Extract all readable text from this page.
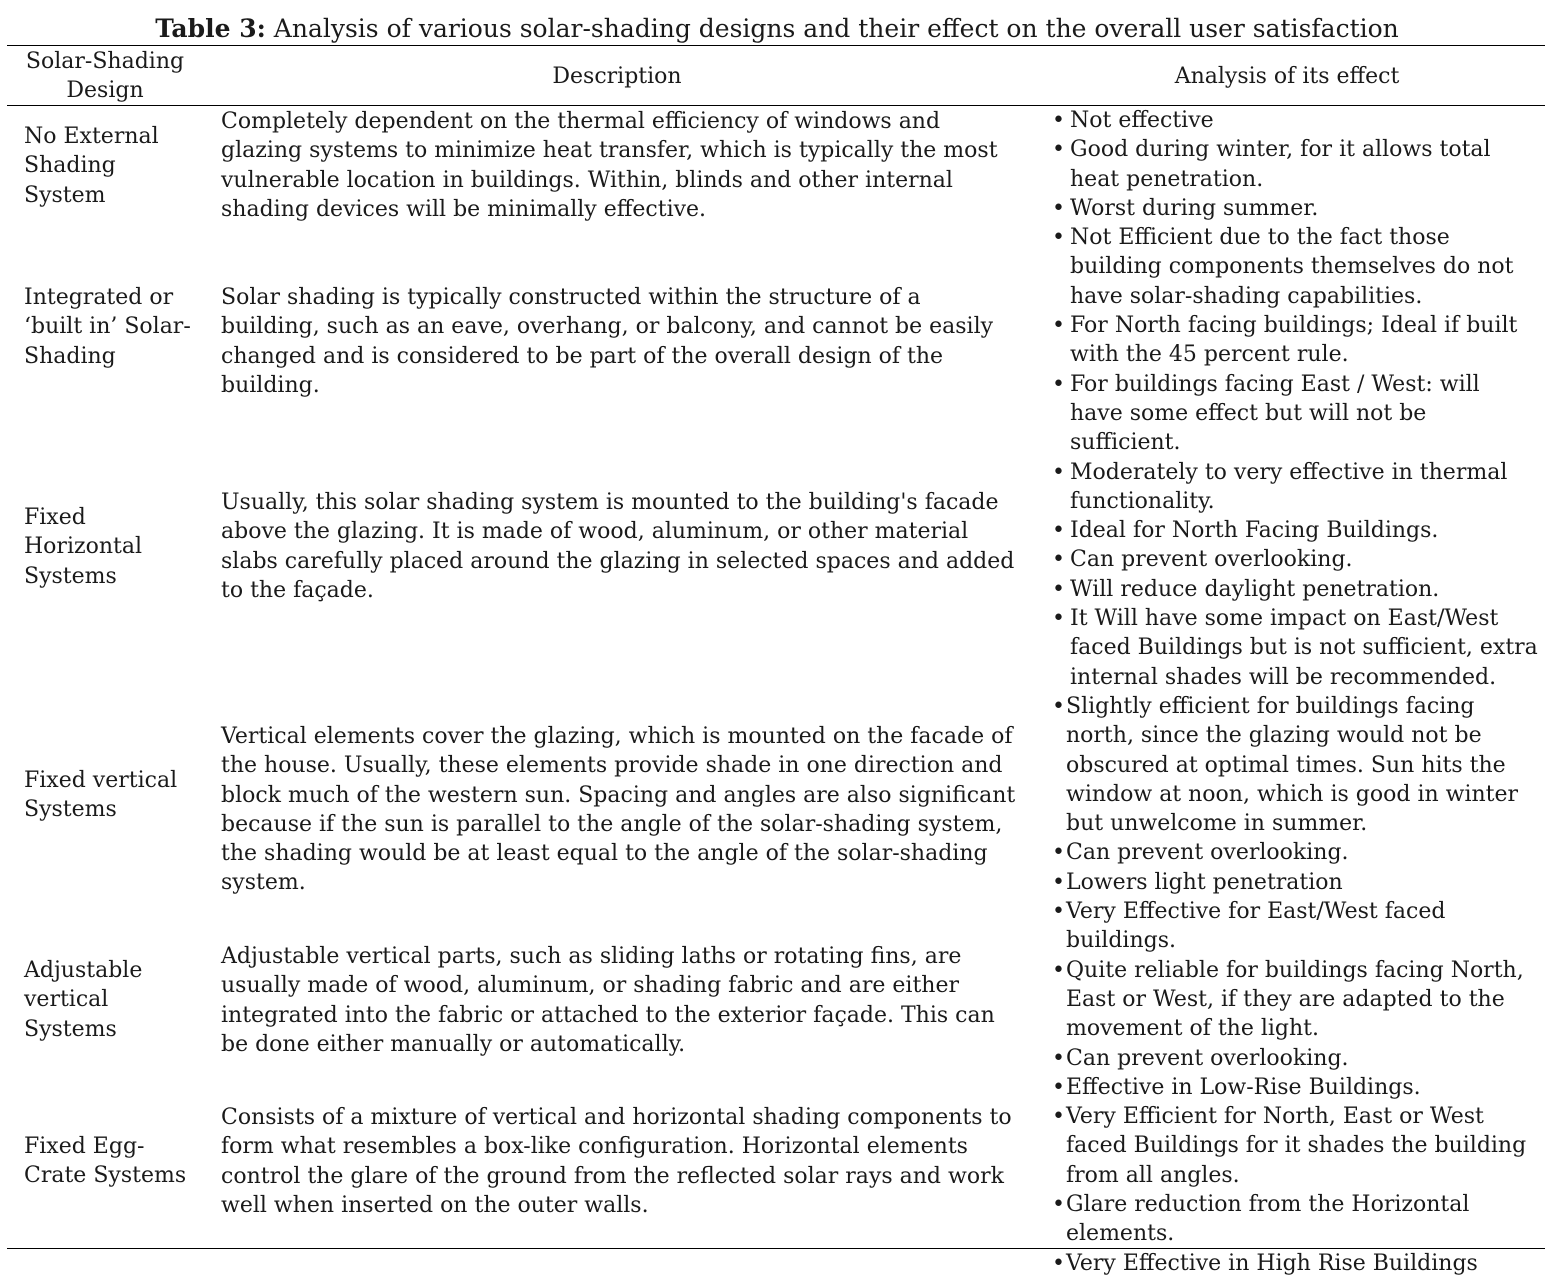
Table 3: Analysis of various solar-shading designs and their effect on the overall user satisfaction
Solar-Shading Design
Description	Analysis of its effect
No External Shading System
Completely dependent on the thermal efficiency of windows and glazing systems to minimize heat transfer, which is typically the most vulnerable location in buildings. Within, blinds and other internal shading devices will be minimally effective.
Integrated or ‘built in’ Solar-Shading
Solar shading is typically constructed within the structure of a building, such as an eave, overhang, or balcony, and cannot be easily changed and is considered to be part of the overall design of the building.
Fixed Horizontal Systems
Usually, this solar shading system is mounted to the building's facade above the glazing. It is made of wood, aluminum, or other material slabs carefully placed around the glazing in selected spaces and added to the façade.
Fixed vertical Systems
Vertical elements cover the glazing, which is mounted on the facade of the house. Usually, these elements provide shade in one direction and block much of the western sun. Spacing and angles are also significant because if the sun is parallel to the angle of the solar-shading system, the shading would be at least equal to the angle of the solar-shading system.
Adjustable vertical Systems
Adjustable vertical parts, such as sliding laths or rotating fins, are usually made of wood, aluminum, or shading fabric and are either integrated into the fabric or attached to the exterior façade. This can be done either manually or automatically.
Fixed Egg-Crate Systems
Consists of a mixture of vertical and horizontal shading components to form what resembles a box-like configuration. Horizontal elements control the glare of the ground from the reflected solar rays and work well when inserted on the outer walls.
• Not effective
• Good during winter, for it allows total heat penetration.
• Worst during summer.
• Not Efficient due to the fact those building components themselves do not have solar-shading capabilities.
• For North facing buildings; Ideal if built with the 45 percent rule.
• For buildings facing East / West: will have some effect but will not be sufficient.
• Moderately to very effective in thermal functionality.
• Ideal for North Facing Buildings.
• Can prevent overlooking.
• Will reduce daylight penetration.
• It Will have some impact on East/West faced Buildings but is not sufficient, extra internal shades will be recommended.
• Slightly efficient for buildings facing north, since the glazing would not be obscured at optimal times. Sun hits the window at noon, which is good in winter but unwelcome in summer.
• Can prevent overlooking.
• Lowers light penetration
• Very Effective for East/West faced buildings.
• Quite reliable for buildings facing North, East or West, if they are adapted to the movement of the light.
• Can prevent overlooking.
• Effective in Low-Rise Buildings.
• Very Efficient for North, East or West faced Buildings for it shades the building from all angles.
• Glare reduction from the Horizontal elements.
• Very Effective in High Rise Buildings
